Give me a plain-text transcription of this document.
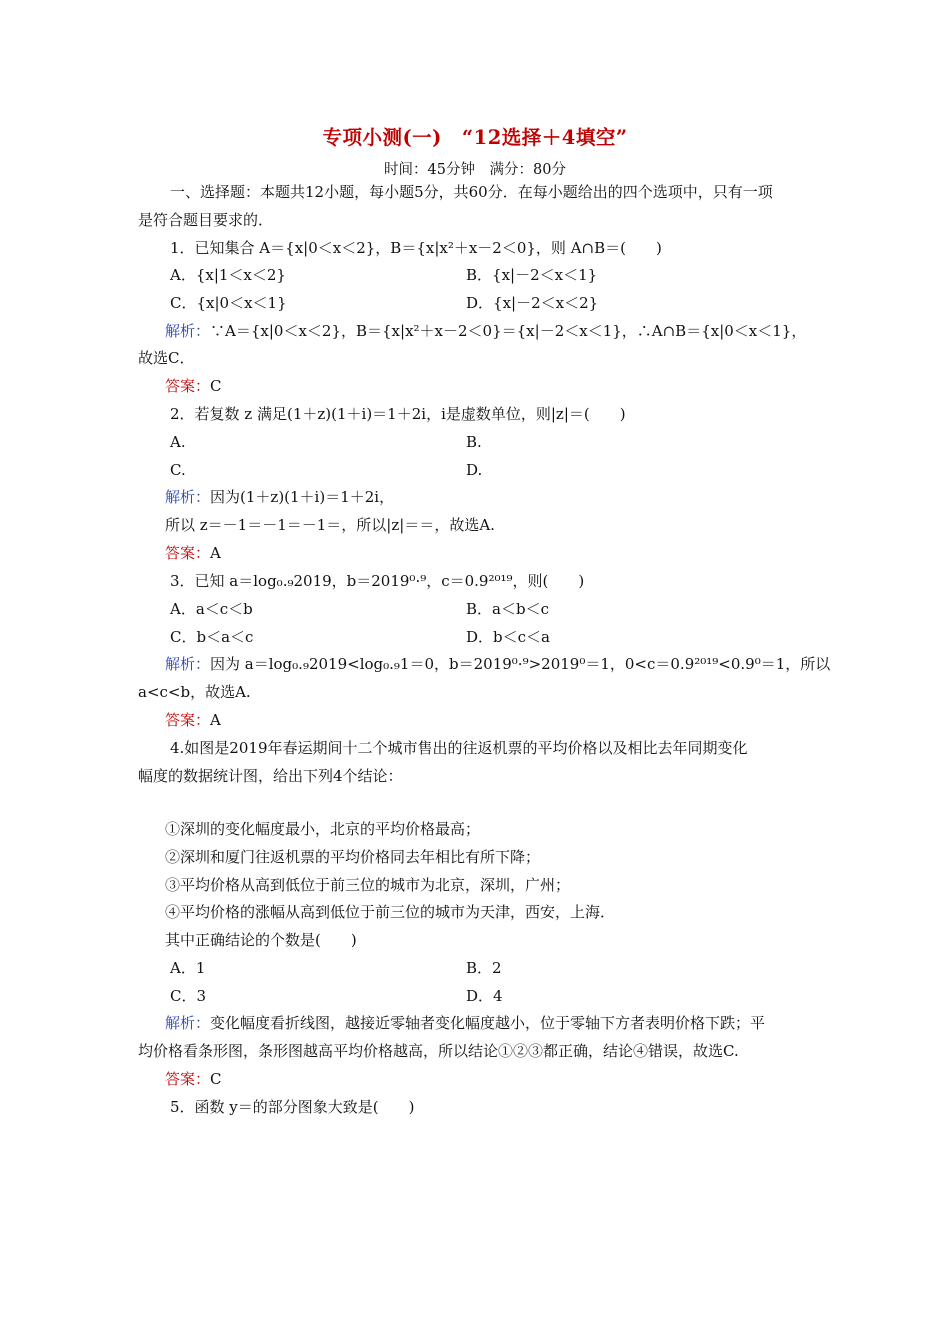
专项小测(一)　“12选择＋4填空”
时间：45分钟　满分：80分
一、选择题：本题共12小题，每小题5分，共60分．在每小题给出的四个选项中，只有一项
是符合题目要求的．
1．已知集合 A＝{x|0＜x＜2}，B＝{x|x²＋x－2＜0}，则 A∩B＝(　　)
A．{x|1＜x＜2}	B．{x|－2＜x＜1}
C．{x|0＜x＜1}	D．{x|－2＜x＜2}
解析：∵A＝{x|0＜x＜2}，B＝{x|x²＋x－2＜0}＝{x|－2＜x＜1}，∴A∩B＝{x|0＜x＜1}，
故选C．
答案：C
2．若复数 z 满足(1＋z)(1＋i)＝1＋2i，i是虚数单位，则|z|＝(　　)
A.	B.
C.	D.
解析：因为(1＋z)(1＋i)＝1＋2i，
所以 z＝－1＝－1＝－1＝，所以|z|＝＝，故选A.
答案：A
3．已知 a＝log₀.₉2019，b＝2019⁰·⁹，c＝0.9²⁰¹⁹，则(　　)
A．a＜c＜b	B．a＜b＜c
C．b＜a＜c	D．b＜c＜a
解析：因为 a＝log₀.₉2019<log₀.₉1＝0，b＝2019⁰·⁹>2019⁰＝1，0<c＝0.9²⁰¹⁹<0.9⁰＝1，所以
a<c<b，故选A.
答案：A
4.如图是2019年春运期间十二个城市售出的往返机票的平均价格以及相比去年同期变化
幅度的数据统计图，给出下列4个结论：
①深圳的变化幅度最小，北京的平均价格最高；
②深圳和厦门往返机票的平均价格同去年相比有所下降；
③平均价格从高到低位于前三位的城市为北京，深圳，广州；
④平均价格的涨幅从高到低位于前三位的城市为天津，西安，上海．
其中正确结论的个数是(　　)
A．1	B．2
C．3	D．4
解析：变化幅度看折线图，越接近零轴者变化幅度越小，位于零轴下方者表明价格下跌；平
均价格看条形图，条形图越高平均价格越高，所以结论①②③都正确，结论④错误，故选C.
答案：C
5．函数 y＝的部分图象大致是(　　)
